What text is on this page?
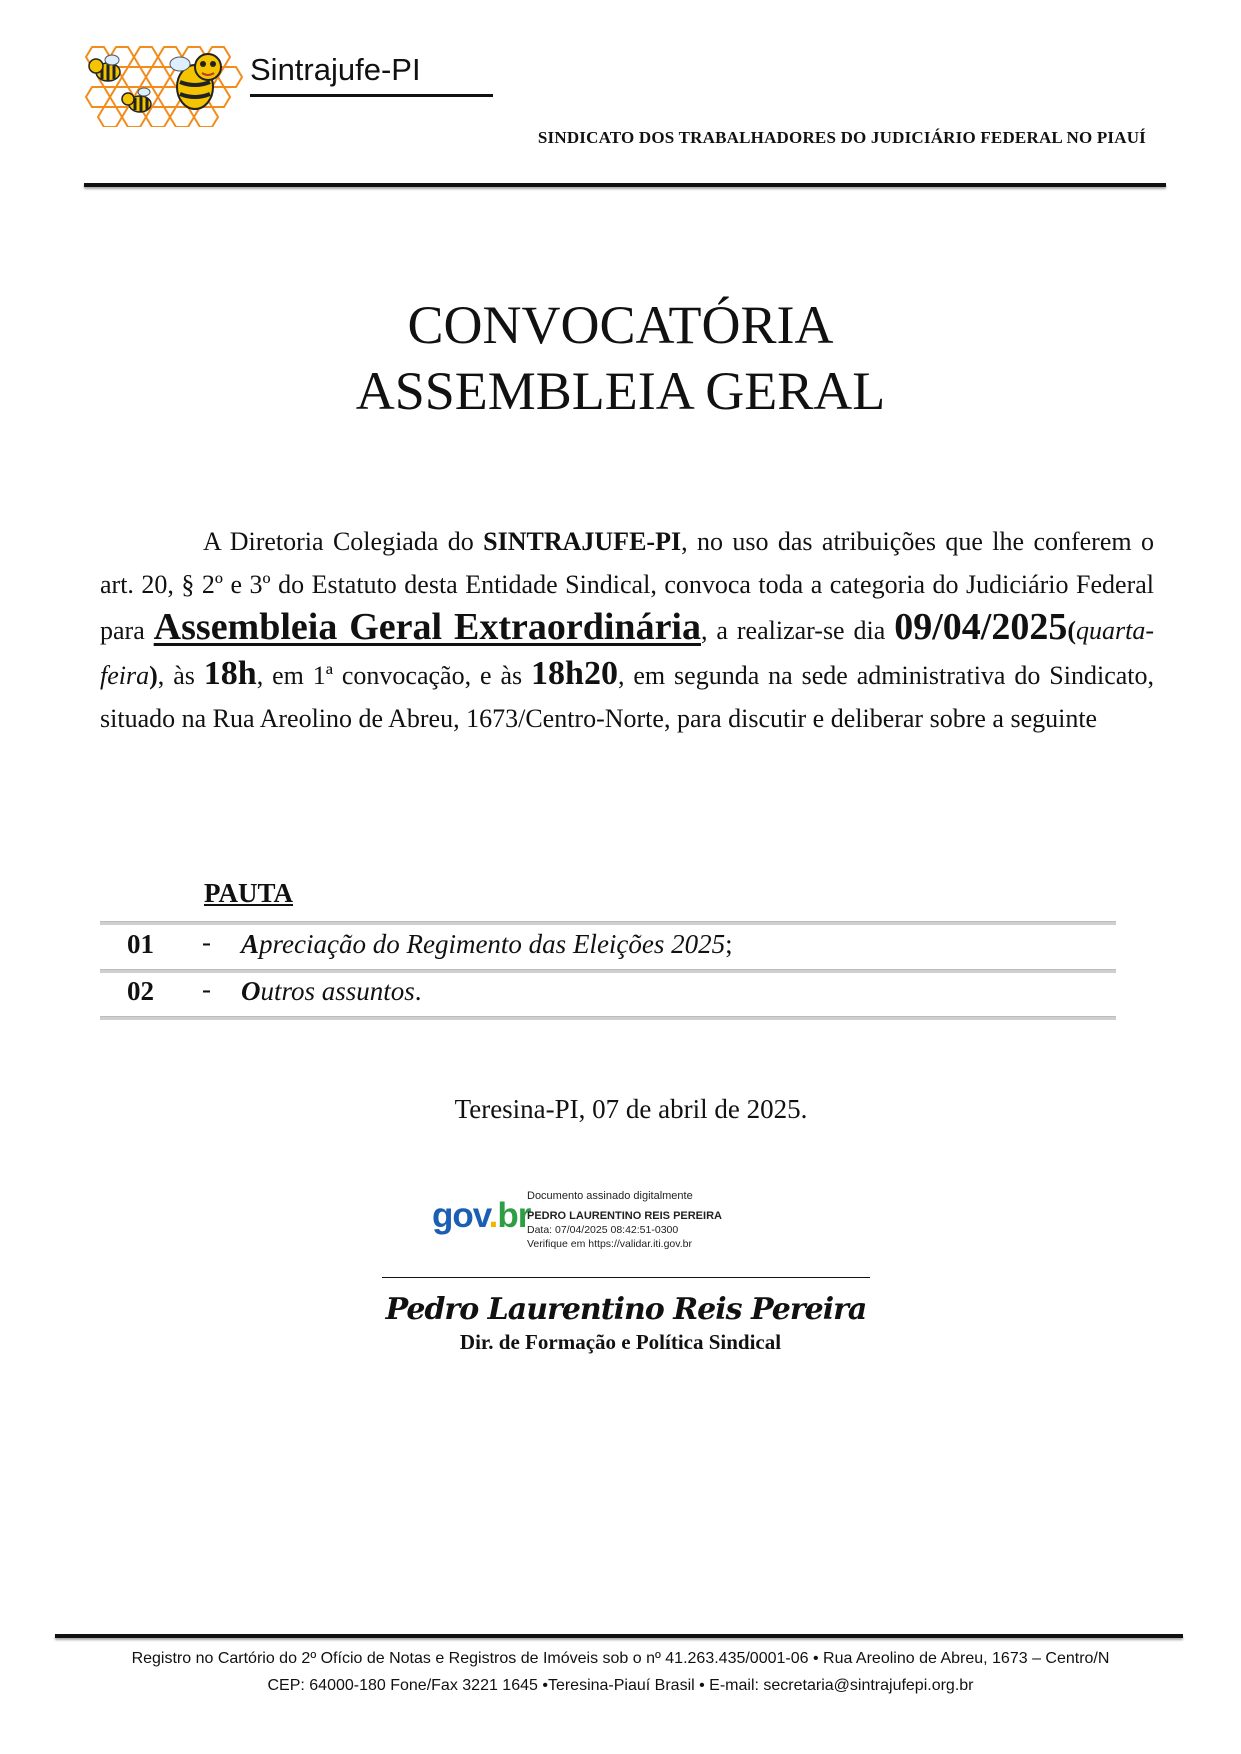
Sintrajufe-PI
SINDICATO DOS TRABALHADORES DO JUDICIÁRIO FEDERAL NO PIAUÍ
CONVOCATÓRIA
ASSEMBLEIA GERAL
A Diretoria Colegiada do SINTRAJUFE-PI, no uso das atribuições que lhe conferem o art. 20, § 2º e 3º do Estatuto desta Entidade Sindical, convoca toda a categoria do Judiciário Federal para Assembleia Geral Extraordinária, a realizar-se dia 09/04/2025(quarta-feira), às 18h, em 1ª convocação, e às 18h20, em segunda na sede administrativa do Sindicato, situado na Rua Areolino de Abreu, 1673/Centro-Norte, para discutir e deliberar sobre a seguinte
PAUTA
01 - Apreciação do Regimento das Eleições 2025;
02 - Outros assuntos.
Teresina-PI, 07 de abril de 2025.
gov.br
Documento assinado digitalmente
PEDRO LAURENTINO REIS PEREIRA
Data: 07/04/2025 08:42:51-0300
Verifique em https://validar.iti.gov.br
Pedro Laurentino Reis Pereira
Dir. de Formação e Política Sindical
Registro no Cartório do 2º Ofício de Notas e Registros de Imóveis sob o nº 41.263.435/0001-06 • Rua Areolino de Abreu, 1673 – Centro/N
CEP: 64000-180 Fone/Fax 3221 1645 •Teresina-Piauí Brasil • E-mail: secretaria@sintrajufepi.org.br
